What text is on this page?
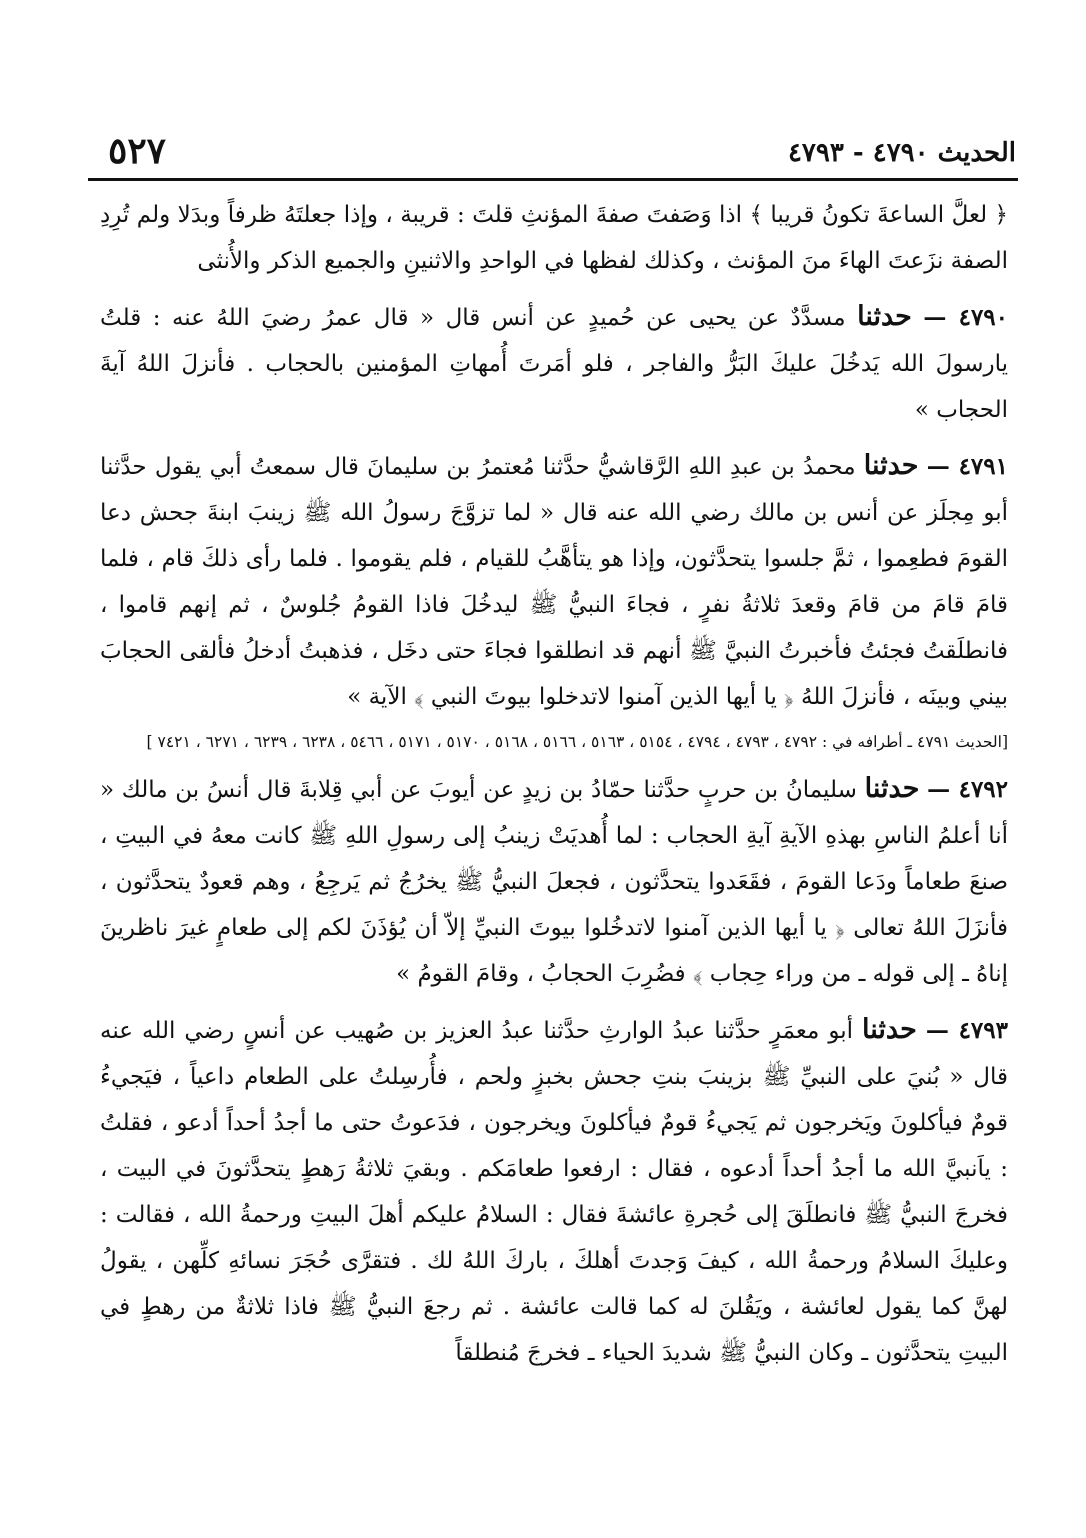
الحديث ٤٧٩٠ - ٤٧٩٣
٥٢٧

﴿ لعلَّ الساعةَ تكونُ قريبا ﴾ اذا وَصَفتَ صفةَ المؤنثِ قلتَ : قريبة ، وإذا جعلتَهُ ظرفاً وبدَلا ولم تُرِدِ الصفة نزَعتَ الهاءَ منَ المؤنث ، وكذلك لفظها في الواحدِ والاثنينِ والجميع الذكر والأُنثى

٤٧٩٠ — حدثنا مسدَّدٌ عن يحيى عن حُميدٍ عن أنس قال « قال عمرُ رضيَ اللهُ عنه : قلتُ يارسولَ الله يَدخُلَ عليكَ البَرُّ والفاجر ، فلو أمَرتَ أُمهاتِ المؤمنين بالحجاب . فأنزلَ اللهُ آيةَ الحجاب »

٤٧٩١ — حدثنا محمدُ بن عبدِ اللهِ الرَّقاشيُّ حدَّثنا مُعتمرُ بن سليمانَ قال سمعتُ أبي يقول حدَّثنا أبو مِجلَز عن أنس بن مالك رضي الله عنه قال « لما تزوَّجَ رسولُ الله ﷺ زينبَ ابنةَ جحش دعا القومَ فطعِموا ، ثمَّ جلسوا يتحدَّثون، وإذا هو يتأهَّبُ للقيام ، فلم يقوموا . فلما رأى ذلكَ قام ، فلما قامَ قامَ من قامَ وقعدَ ثلاثةُ نفرٍ ، فجاءَ النبيُّ ﷺ ليدخُلَ فاذا القومُ جُلوسٌ ، ثم إنهم قاموا ، فانطلَقتُ فجئتُ فأخبرتُ النبيَّ ﷺ أنهم قد انطلقوا فجاءَ حتى دخَل ، فذهبتُ أدخلُ فألقى الحجابَ بيني وبينَه ، فأنزلَ اللهُ ﴿ يا أيها الذين آمنوا لاتدخلوا بيوتَ النبي ﴾ الآية »

[الحديث ٤٧٩١ ـ أطرافه في : ٤٧٩٢ ، ٤٧٩٣ ، ٤٧٩٤ ، ٥١٥٤ ، ٥١٦٣ ، ٥١٦٦ ، ٥١٦٨ ، ٥١٧٠ ، ٥١٧١ ، ٥٤٦٦ ، ٦٢٣٨ ، ٦٢٣٩ ، ٦٢٧١ ، ٧٤٢١ ]

٤٧٩٢ — حدثنا سليمانُ بن حربٍ حدَّثنا حمّادُ بن زيدٍ عن أيوبَ عن أبي قِلابةَ قال أنسُ بن مالك « أنا أعلمُ الناسِ بهذهِ الآيةِ آيةِ الحجاب : لما أُهديَتْ زينبُ إلى رسولِ اللهِ ﷺ كانت معهُ في البيتِ ، صنعَ طعاماً ودَعا القومَ ، فقَعَدوا يتحدَّثون ، فجعلَ النبيُّ ﷺ يخرُجُ ثم يَرجِعُ ، وهم قعودٌ يتحدَّثون ، فأنزَلَ اللهُ تعالى ﴿ يا أيها الذين آمنوا لاتدخُلوا بيوتَ النبيِّ إلاّ أن يُؤذَنَ لكم إلى طعامٍ غيرَ ناظرينَ إناهُ ـ إلى قوله ـ من وراء حِجاب ﴾ فضُرِبَ الحجابُ ، وقامَ القومُ »

٤٧٩٣ — حدثنا أبو معمَرٍ حدَّثنا عبدُ الوارثِ حدَّثنا عبدُ العزيز بن صُهيب عن أنسٍ رضي الله عنه قال « بُنيَ على النبيِّ ﷺ بزينبَ بنتِ جحش بخبزٍ ولحم ، فأُرسِلتُ على الطعام داعياً ، فيَجيءُ قومٌ فيأكلونَ ويَخرجون ثم يَجيءُ قومٌ فيأكلونَ ويخرجون ، فدَعوتُ حتى ما أجدُ أحداً أدعو ، فقلتُ : ياَنبيَّ الله ما أجدُ أحداً أدعوه ، فقال : ارفعوا طعامَكم . وبقيَ ثلاثةُ رَهطٍ يتحدَّثونَ في البيت ، فخرجَ النبيُّ ﷺ فانطلَقَ إلى حُجرةِ عائشةَ فقال : السلامُ عليكم أهلَ البيتِ ورحمةُ الله ، فقالت : وعليكَ السلامُ ورحمةُ الله ، كيفَ وَجدتَ أهلكَ ، باركَ اللهُ لك . فتقرَّى حُجَرَ نسائهِ كلِّهن ، يقولُ لهنَّ كما يقول لعائشة ، ويَقُلنَ له كما قالت عائشة . ثم رجعَ النبيُّ ﷺ فاذا ثلاثةٌ من رهطٍ في البيتِ يتحدَّثون ـ وكان النبيُّ ﷺ شديدَ الحياء ـ فخرجَ مُنطلقاً
